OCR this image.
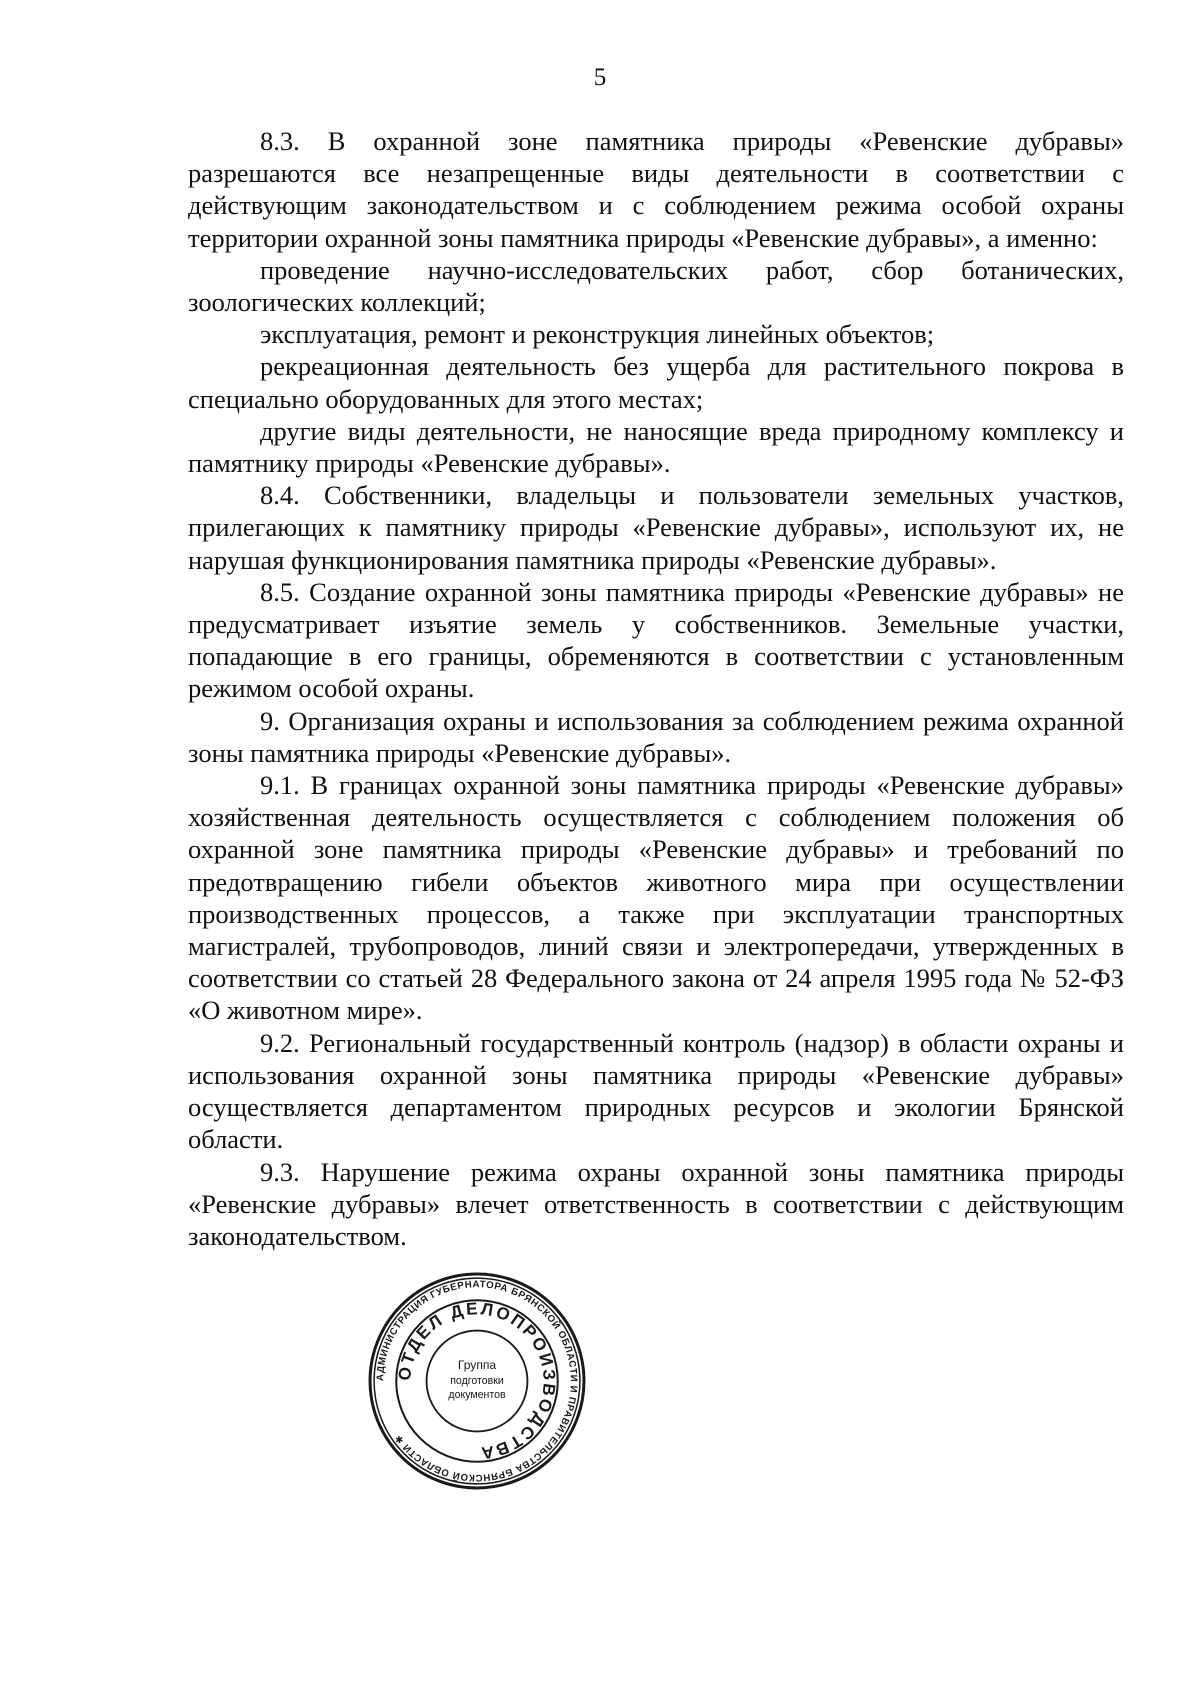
5

8.3. В охранной зоне памятника природы «Ревенские дубравы» разрешаются все незапрещенные виды деятельности в соответствии с действующим законодательством и с соблюдением режима особой охраны территории охранной зоны памятника природы «Ревенские дубравы», а именно:

проведение научно-исследовательских работ, сбор ботанических, зоологических коллекций;

эксплуатация, ремонт и реконструкция линейных объектов;

рекреационная деятельность без ущерба для растительного покрова в специально оборудованных для этого местах;

другие виды деятельности, не наносящие вреда природному комплексу и памятнику природы «Ревенские дубравы».

8.4. Собственники, владельцы и пользователи земельных участков, прилегающих к памятнику природы «Ревенские дубравы», используют их, не нарушая функционирования памятника природы «Ревенские дубравы».

8.5. Создание охранной зоны памятника природы «Ревенские дубравы» не предусматривает изъятие земель у собственников. Земельные участки, попадающие в его границы, обременяются в соответствии с установленным режимом особой охраны.

9. Организация охраны и использования за соблюдением режима охранной зоны памятника природы «Ревенские дубравы».

9.1. В границах охранной зоны памятника природы «Ревенские дубравы» хозяйственная деятельность осуществляется с соблюдением положения об охранной зоне памятника природы «Ревенские дубравы» и требований по предотвращению гибели объектов животного мира при осуществлении производственных процессов, а также при эксплуатации транспортных магистралей, трубопроводов, линий связи и электропередачи, утвержденных в соответствии со статьей 28 Федерального закона от 24 апреля 1995 года № 52-ФЗ «О животном мире».

9.2. Региональный государственный контроль (надзор) в области охраны и использования охранной зоны памятника природы «Ревенские дубравы» осуществляется департаментом природных ресурсов и экологии Брянской области.

9.3. Нарушение режима охраны охранной зоны памятника природы «Ревенские дубравы» влечет ответственность в соответствии с действующим законодательством.

АДМИНИСТРАЦИЯ ГУБЕРНАТОРА БРЯНСКОЙ ОБЛАСТИ И ПРАВИТЕЛЬСТВА БРЯНСКОЙ ОБЛАСТИ ✱
ОТДЕЛ ДЕЛОПРОИЗВОДСТВА
Группа
подготовки
документов
